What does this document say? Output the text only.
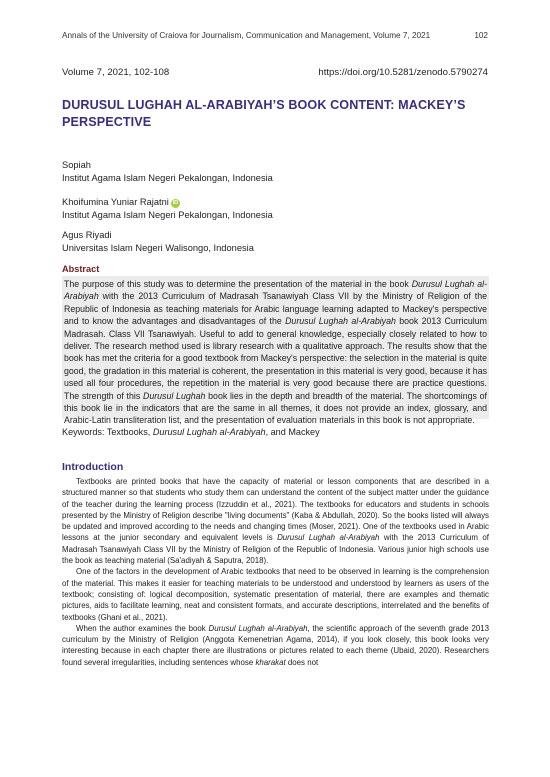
Annals of the University of Craiova for Journalism, Communication and Management, Volume 7, 2021	102
Volume 7, 2021, 102-108	https://doi.org/10.5281/zenodo.5790274
DURUSUL LUGHAH AL-ARABIYAH’S BOOK CONTENT: MACKEY’S PERSPECTIVE
Sopiah
Institut Agama Islam Negeri Pekalongan, Indonesia
Khoifumina Yuniar Rajatni iD
Institut Agama Islam Negeri Pekalongan, Indonesia
Agus Riyadi
Universitas Islam Negeri Walisongo, Indonesia
Abstract

The purpose of this study was to determine the presentation of the material in the book Durusul Lughah al-Arabiyah with the 2013 Curriculum of Madrasah Tsanawiyah Class VII by the Ministry of Religion of the Republic of Indonesia as teaching materials for Arabic language learning adapted to Mackey's perspective and to know the advantages and disadvantages of the Durusul Lughah al-Arabiyah book 2013 Curriculum Madrasah. Class VII Tsanawiyah. Useful to add to general knowledge, especially closely related to how to deliver. The research method used is library research with a qualitative approach. The results show that the book has met the criteria for a good textbook from Mackey's perspective: the selection in the material is quite good, the gradation in this material is coherent, the presentation in this material is very good, because it has used all four procedures, the repetition in the material is very good because there are practice questions. The strength of this Durusul Lughah book lies in the depth and breadth of the material. The shortcomings of this book lie in the indicators that are the same in all themes, it does not provide an index, glossary, and Arabic-Latin transliteration list, and the presentation of evaluation materials in this book is not appropriate.

Keywords: Textbooks, Durusul Lughah al-Arabiyah, and Mackey
Introduction

Textbooks are printed books that have the capacity of material or lesson components that are described in a structured manner so that students who study them can understand the content of the subject matter under the guidance of the teacher during the learning process (Izzuddin et al., 2021). The textbooks for educators and students in schools presented by the Ministry of Religion describe "living documents" (Kaba & Abdullah, 2020). So the books listed will always be updated and improved according to the needs and changing times (Moser, 2021). One of the textbooks used in Arabic lessons at the junior secondary and equivalent levels is Durusul Lughah al-Arabiyah with the 2013 Curriculum of Madrasah Tsanawiyah Class VII by the Ministry of Religion of the Republic of Indonesia. Various junior high schools use the book as teaching material (Sa'adiyah & Saputra, 2018).

One of the factors in the development of Arabic textbooks that need to be observed in learning is the comprehension of the material. This makes it easier for teaching materials to be understood and understood by learners as users of the textbook; consisting of: logical decomposition, systematic presentation of material, there are examples and thematic pictures, aids to facilitate learning, neat and consistent formats, and accurate descriptions, interrelated and the benefits of textbooks (Ghani et al., 2021).

When the author examines the book Durusul Lughah al-Arabiyah, the scientific approach of the seventh grade 2013 curriculum by the Ministry of Religion (Anggota Kemenetrian Agama, 2014), if you look closely, this book looks very interesting because in each chapter there are illustrations or pictures related to each theme (Ubaid, 2020). Researchers found several irregularities, including sentences whose kharakat does not
